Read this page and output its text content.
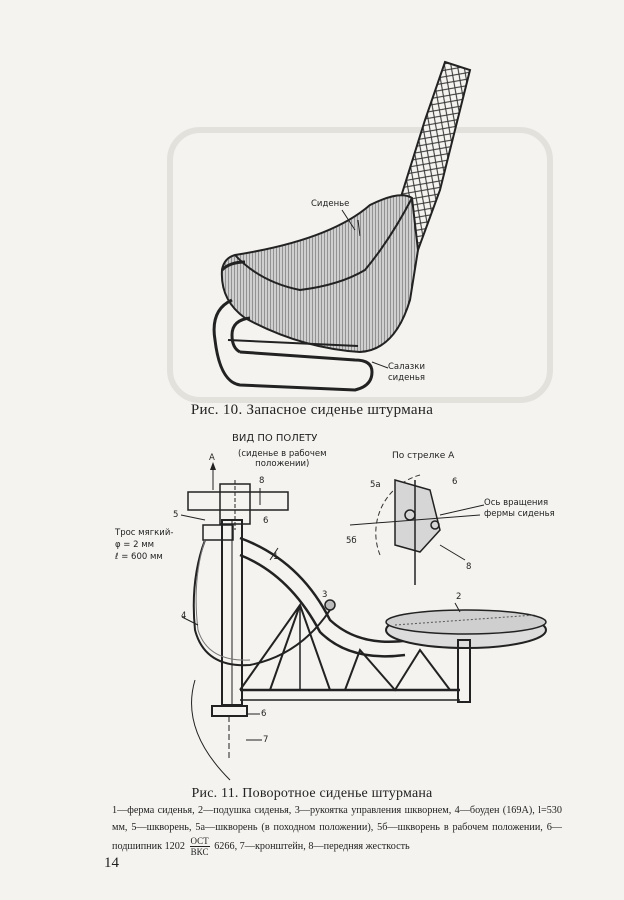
Сиденье
Салазки
сиденья
Рис. 10. Запасное сиденье штурмана
ВИД ПО ПОЛЕТУ
(сиденье в рабочем
положении)
По стрелке А
Ось вращения
фермы сиденья
Трос мягкий-
φ = 2 мм
ℓ = 600 мм
А
1
2
3
4
5
5а
5б
6
6
6
7
8
8
Рис. 11. Поворотное сиденье штурмана
1—ферма сиденья, 2—подушка сиденья, 3—рукоятка управления шкворнем, 4—боуден (169А), l=530 мм, 5—шкворень, 5а—шкворень (в походном положении), 5б—шкворень в рабочем положении, 6—подшипник $1202 \frac{\text{ОСТ}}{\text{ВКС}} 6266$, 7—кронштейн, 8—передняя жесткость
14
